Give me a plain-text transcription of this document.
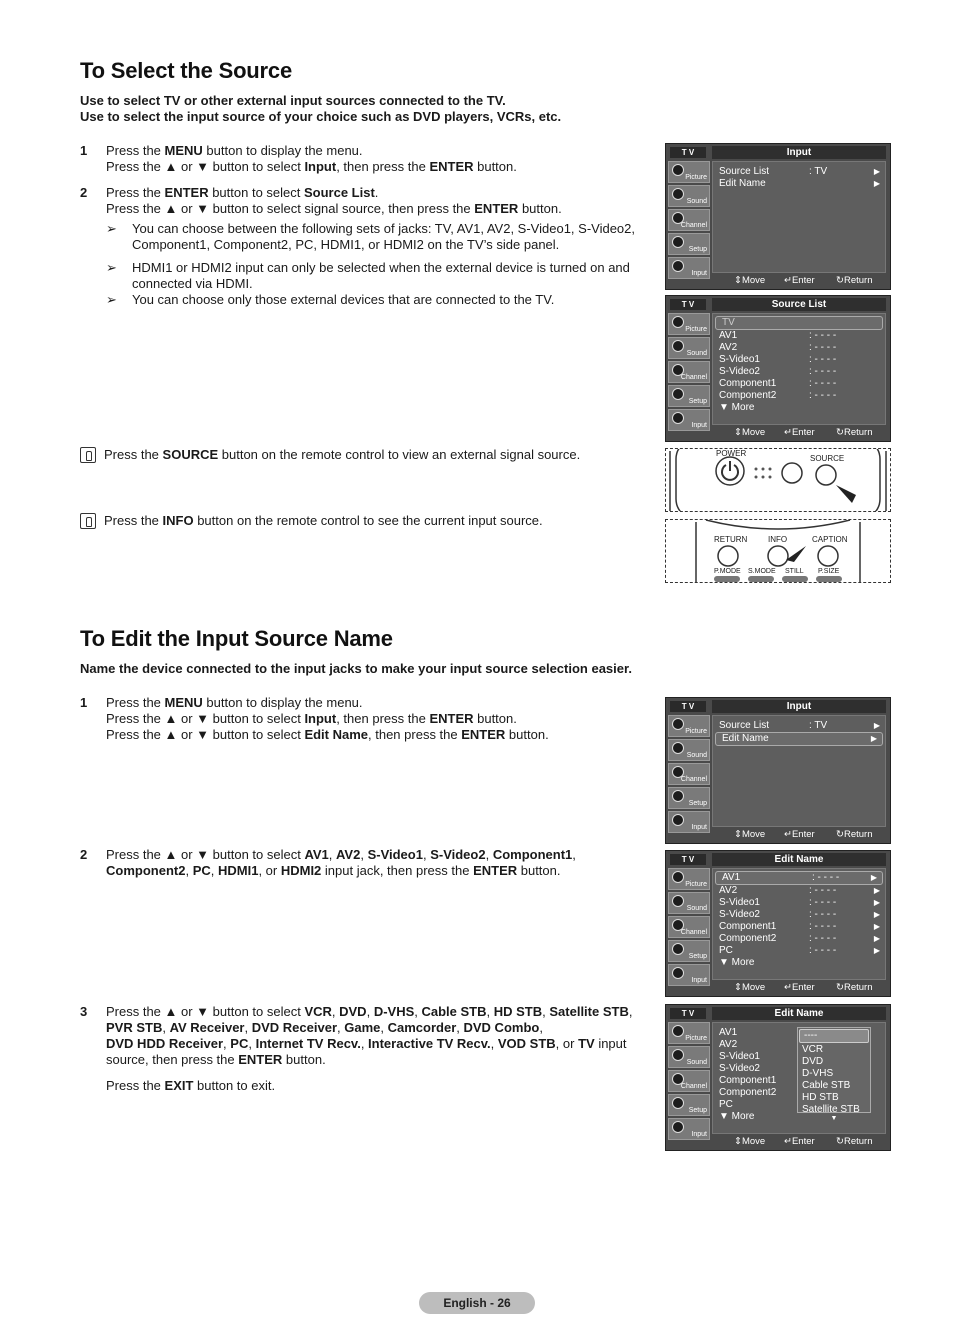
To Select the Source
Use to select TV or other external input sources connected to the TV.
Use to select the input source of your choice such as DVD players, VCRs, etc.
1 Press the MENU button to display the menu.
Press the ▲ or ▼ button to select Input, then press the ENTER button.
2 Press the ENTER button to select Source List.
Press the ▲ or ▼ button to select signal source, then press the ENTER button.
➢ You can choose between the following sets of jacks: TV, AV1, AV2, S-Video1, S-Video2, Component1, Component2, PC, HDMI1, or HDMI2 on the TV’s side panel.
➢ HDMI1 or HDMI2 input can only be selected when the external device is turned on and connected via HDMI.
➢ You can choose only those external devices that are connected to the TV.
Press the SOURCE button on the remote control to view an external signal source.
Press the INFO button on the remote control to see the current input source.
To Edit the Input Source Name
Name the device connected to the input jacks to make your input source selection easier.
1 Press the MENU button to display the menu.
Press the ▲ or ▼ button to select Input, then press the ENTER button.
Press the ▲ or ▼ button to select Edit Name, then press the ENTER button.
2 Press the ▲ or ▼ button to select AV1, AV2, S-Video1, S-Video2, Component1,
Component2, PC, HDMI1, or HDMI2 input jack, then press the ENTER button.
3 Press the ▲ or ▼ button to select VCR, DVD, D-VHS, Cable STB, HD STB, Satellite STB,
PVR STB, AV Receiver, DVD Receiver, Game, Camcorder, DVD Combo,
DVD HDD Receiver, PC, Internet TV Recv., Interactive TV Recv., VOD STB, or TV input
source, then press the ENTER button.
Press the EXIT button to exit.
T V	Input
Picture
Sound
Channel
Setup
Input
Source List	: TV	▶
Edit Name	▶
⇕ Move ↵ Enter ↻ Return
T V	Source List
Picture
Sound
Channel
Setup
Input
TV
AV1	: - - - -
AV2	: - - - -
S-Video1	: - - - -
S-Video2	: - - - -
Component1	: - - - -
Component2	: - - - -
▼ More
⇕ Move ↵ Enter ↻ Return
POWER
SOURCE
RETURN	INFO	CAPTION
P.MODE S.MODE STILL P.SIZE
T V	Input
Picture
Sound
Channel
Setup
Input
Source List	: TV	▶
Edit Name	▶
⇕ Move ↵ Enter ↻ Return
T V	Edit Name
Picture
Sound
Channel
Setup
Input
AV1	: - - - -	▶
AV2	: - - - -	▶
S-Video1	: - - - -	▶
S-Video2	: - - - -	▶
Component1	: - - - -	▶
Component2	: - - - -	▶
PC	: - - - -	▶
▼ More
⇕ Move ↵ Enter ↻ Return
T V	Edit Name
Picture
Sound
Channel
Setup
Input
AV1
AV2
S-Video1
S-Video2
Component1
Component2
PC
▼ More
----
VCR
DVD
D-VHS
Cable STB
HD STB
Satellite STB
▼
⇕ Move ↵ Enter ↻ Return
English - 26
